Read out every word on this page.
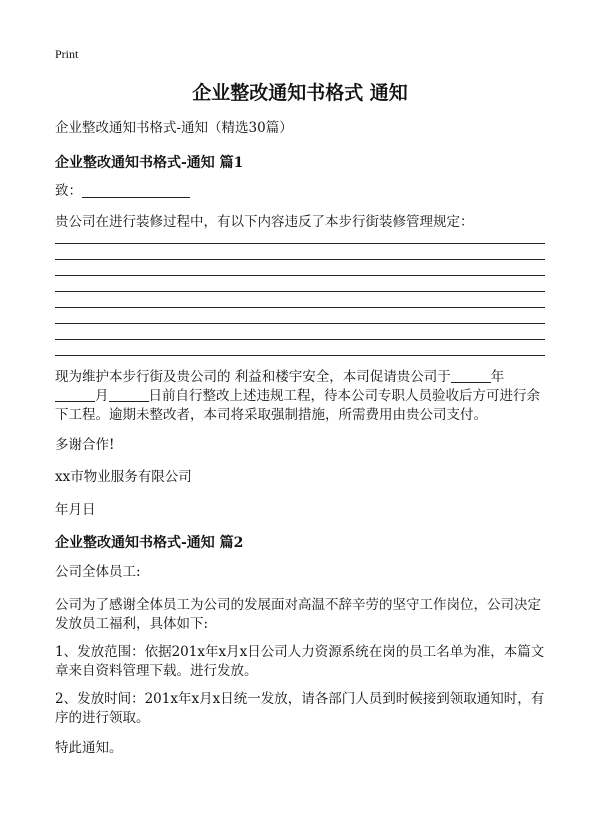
Print
企业整改通知书格式 通知
企业整改通知书格式-通知（精选30篇）
企业整改通知书格式-通知 篇1
致：
贵公司在进行装修过程中，有以下内容违反了本步行街装修管理规定：
现为维护本步行街及贵公司的 利益和楼宇安全，本司促请贵公司于	年
月	日前自行整改上述违规工程，待本公司专职人员验收后方可进行余
下工程。逾期未整改者，本司将采取强制措施，所需费用由贵公司支付。
多谢合作!
xx市物业服务有限公司
年月日
企业整改通知书格式-通知 篇2
公司全体员工:
公司为了感谢全体员工为公司的发展面对高温不辞辛劳的坚守工作岗位，公司决定
发放员工福利，具体如下:
1、发放范围：依据201x年x月x日公司人力资源系统在岗的员工名单为准，本篇文
章来自资料管理下载。进行发放。
2、发放时间：201x年x月x日统一发放，请各部门人员到时候接到领取通知时，有
序的进行领取。
特此通知。
